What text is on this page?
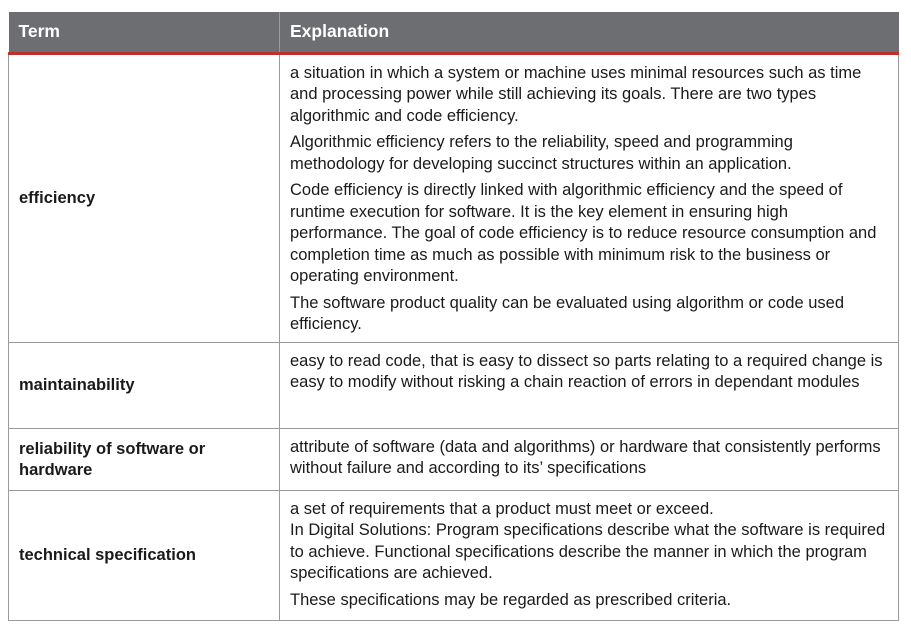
Term	Explanation
efficiency	a situation in which a system or machine uses minimal resources such as time and processing power while still achieving its goals. There are two types algorithmic and code efficiency.

Algorithmic efficiency refers to the reliability, speed and programming methodology for developing succinct structures within an application.

Code efficiency is directly linked with algorithmic efficiency and the speed of runtime execution for software. It is the key element in ensuring high performance. The goal of code efficiency is to reduce resource consumption and completion time as much as possible with minimum risk to the business or operating environment.

The software product quality can be evaluated using algorithm or code used efficiency.

maintainability	easy to read code, that is easy to dissect so parts relating to a required change is easy to modify without risking a chain reaction of errors in dependant modules

reliability of software or hardware	attribute of software (data and algorithms) or hardware that consistently performs without failure and according to its’ specifications

technical specification	a set of requirements that a product must meet or exceed.

In Digital Solutions: Program specifications describe what the software is required to achieve. Functional specifications describe the manner in which the program specifications are achieved.

These specifications may be regarded as prescribed criteria.
